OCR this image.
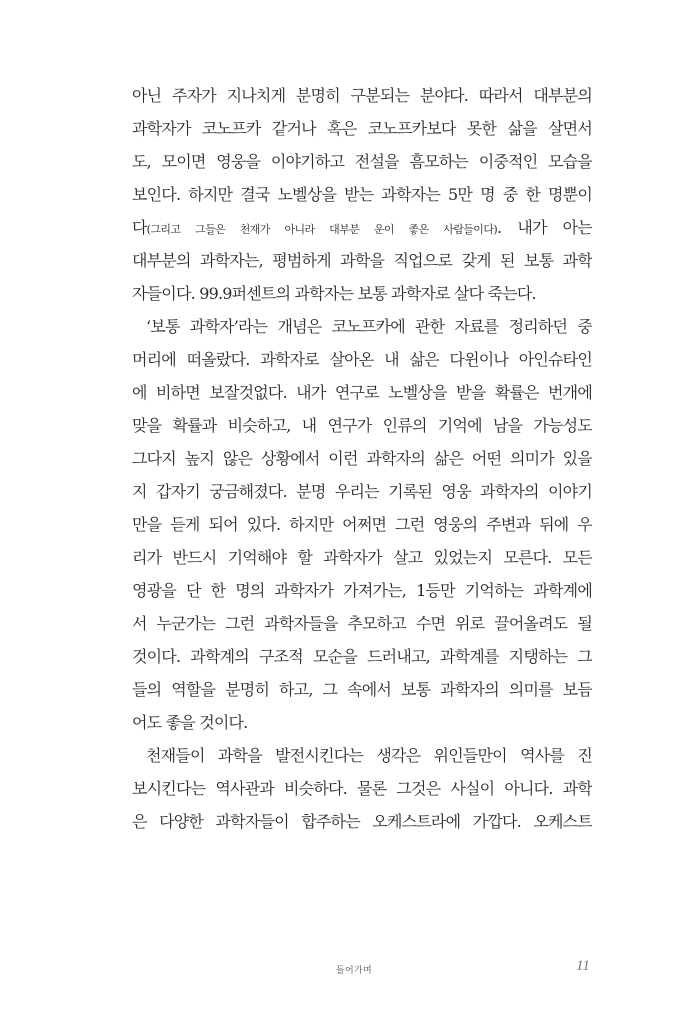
아닌 주자가 지나치게 분명히 구분되는 분야다. 따라서 대부분의
과학자가 코노프카 같거나 혹은 코노프카보다 못한 삶을 살면서
도, 모이면 영웅을 이야기하고 전설을 흠모하는 이중적인 모습을
보인다. 하지만 결국 노벨상을 받는 과학자는 5만 명 중 한 명뿐이
다(그리고 그들은 천재가 아니라 대부분 운이 좋은 사람들이다). 내가 아는
대부분의 과학자는, 평범하게 과학을 직업으로 갖게 된 보통 과학
자들이다. 99.9퍼센트의 과학자는 보통 과학자로 살다 죽는다.
‘보통 과학자’라는 개념은 코노프카에 관한 자료를 정리하던 중
머리에 떠올랐다. 과학자로 살아온 내 삶은 다윈이나 아인슈타인
에 비하면 보잘것없다. 내가 연구로 노벨상을 받을 확률은 번개에
맞을 확률과 비슷하고, 내 연구가 인류의 기억에 남을 가능성도
그다지 높지 않은 상황에서 이런 과학자의 삶은 어떤 의미가 있을
지 갑자기 궁금해졌다. 분명 우리는 기록된 영웅 과학자의 이야기
만을 듣게 되어 있다. 하지만 어쩌면 그런 영웅의 주변과 뒤에 우
리가 반드시 기억해야 할 과학자가 살고 있었는지 모른다. 모든
영광을 단 한 명의 과학자가 가져가는, 1등만 기억하는 과학계에
서 누군가는 그런 과학자들을 추모하고 수면 위로 끌어올려도 될
것이다. 과학계의 구조적 모순을 드러내고, 과학계를 지탱하는 그
들의 역할을 분명히 하고, 그 속에서 보통 과학자의 의미를 보듬
어도 좋을 것이다.
천재들이 과학을 발전시킨다는 생각은 위인들만이 역사를 진
보시킨다는 역사관과 비슷하다. 물론 그것은 사실이 아니다. 과학
은 다양한 과학자들이 합주하는 오케스트라에 가깝다. 오케스트
들어가며	11
